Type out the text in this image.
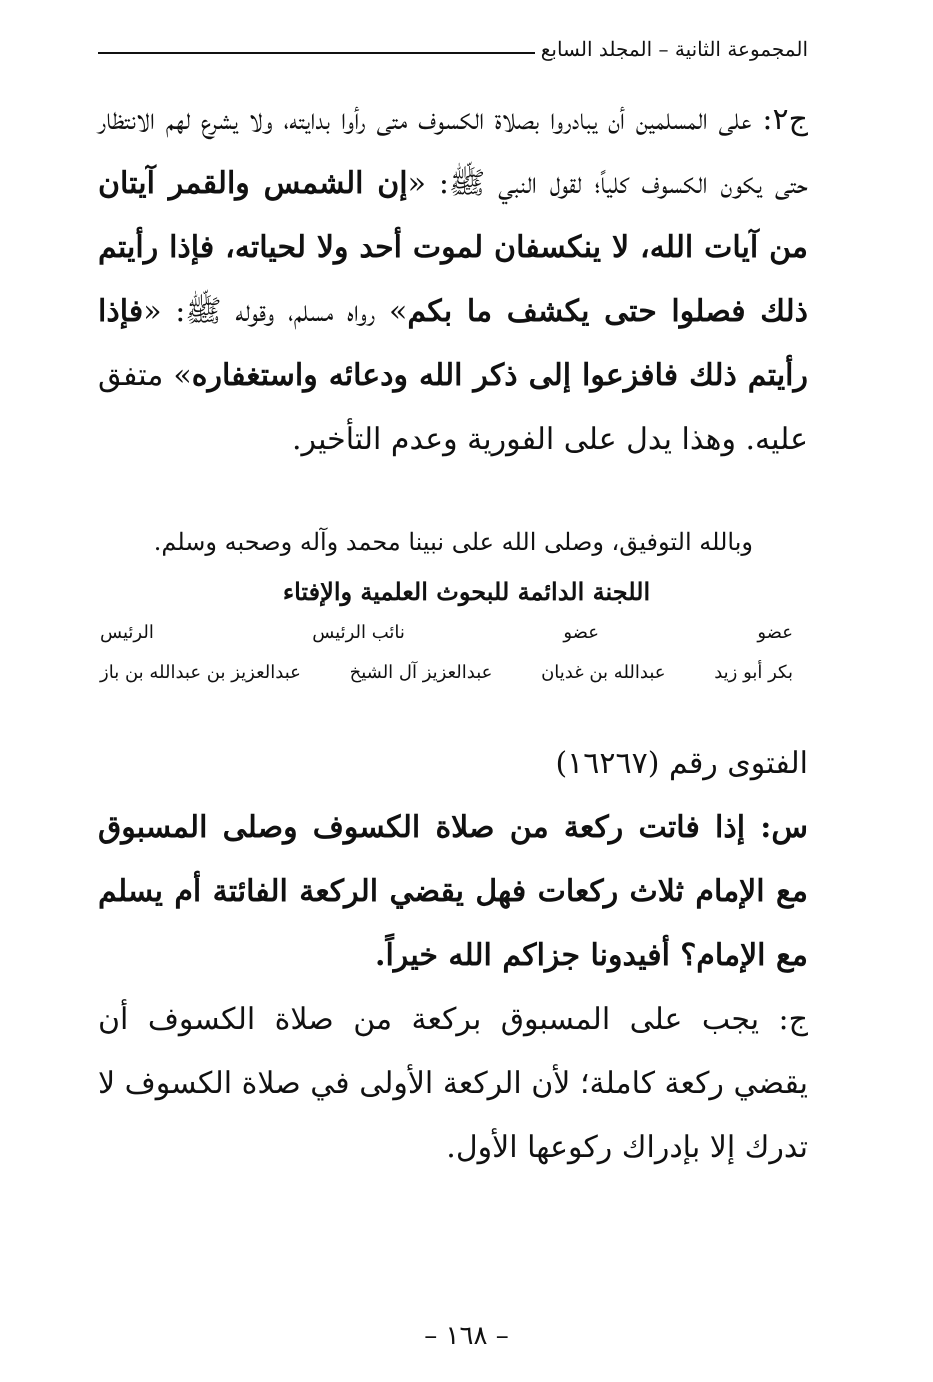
المجموعة الثانية – المجلد السابع
ج٢: على المسلمين أن يبادروا بصلاة الكسوف متى رأوا بدايته، ولا يشرع لهم الانتظار حتى يكون الكسوف كلياً؛ لقول النبي ﷺ: «إن الشمس والقمر آيتان من آيات الله، لا ينكسفان لموت أحد ولا لحياته، فإذا رأيتم ذلك فصلوا حتى يكشف ما بكم» رواه مسلم، وقوله ﷺ: «فإذا رأيتم ذلك فافزعوا إلى ذكر الله ودعائه واستغفاره» متفق عليه. وهذا يدل على الفورية وعدم التأخير.
وبالله التوفيق، وصلى الله على نبينا محمد وآله وصحبه وسلم.
اللجنة الدائمة للبحوث العلمية والإفتاء
عضو
عضو
نائب الرئيس
الرئيس
بكر أبو زيد
عبدالله بن غديان
عبدالعزيز آل الشيخ
عبدالعزيز بن عبدالله بن باز
الفتوى رقم (١٦٢٦٧)
س: إذا فاتت ركعة من صلاة الكسوف وصلى المسبوق مع الإمام ثلاث ركعات فهل يقضي الركعة الفائتة أم يسلم مع الإمام؟ أفيدونا جزاكم الله خيراً.
ج: يجب على المسبوق بركعة من صلاة الكسوف أن يقضي ركعة كاملة؛ لأن الركعة الأولى في صلاة الكسوف لا تدرك إلا بإدراك ركوعها الأول.
– ١٦٨ –
